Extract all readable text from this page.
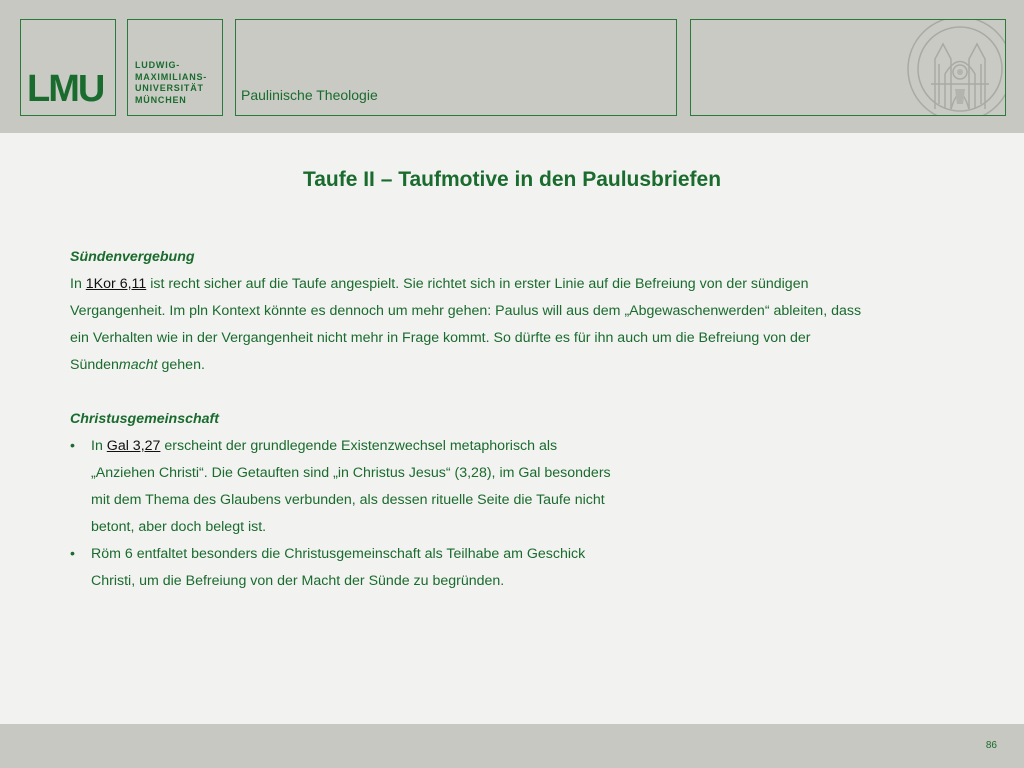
LMU
LUDWIG-
MAXIMILIANS-
UNIVERSITÄT
MÜNCHEN	Paulinische Theologie
Taufe II – Taufmotive in den Paulusbriefen
Sündenvergebung
In 1Kor 6,11 ist recht sicher auf die Taufe angespielt. Sie richtet sich in erster Linie auf die Befreiung von der sündigen
Vergangenheit. Im pln Kontext könnte es dennoch um mehr gehen: Paulus will aus dem „Abgewaschenwerden“ ableiten, dass
ein Verhalten wie in der Vergangenheit nicht mehr in Frage kommt. So dürfte es für ihn auch um die Befreiung von der
Sündenmacht gehen.
Christusgemeinschaft
• In Gal 3,27 erscheint der grundlegende Existenzwechsel metaphorisch als
„Anziehen Christi“. Die Getauften sind „in Christus Jesus“ (3,28), im Gal besonders
mit dem Thema des Glaubens verbunden, als dessen rituelle Seite die Taufe nicht
betont, aber doch belegt ist.
• Röm 6 entfaltet besonders die Christusgemeinschaft als Teilhabe am Geschick
Christi, um die Befreiung von der Macht der Sünde zu begründen.
86
